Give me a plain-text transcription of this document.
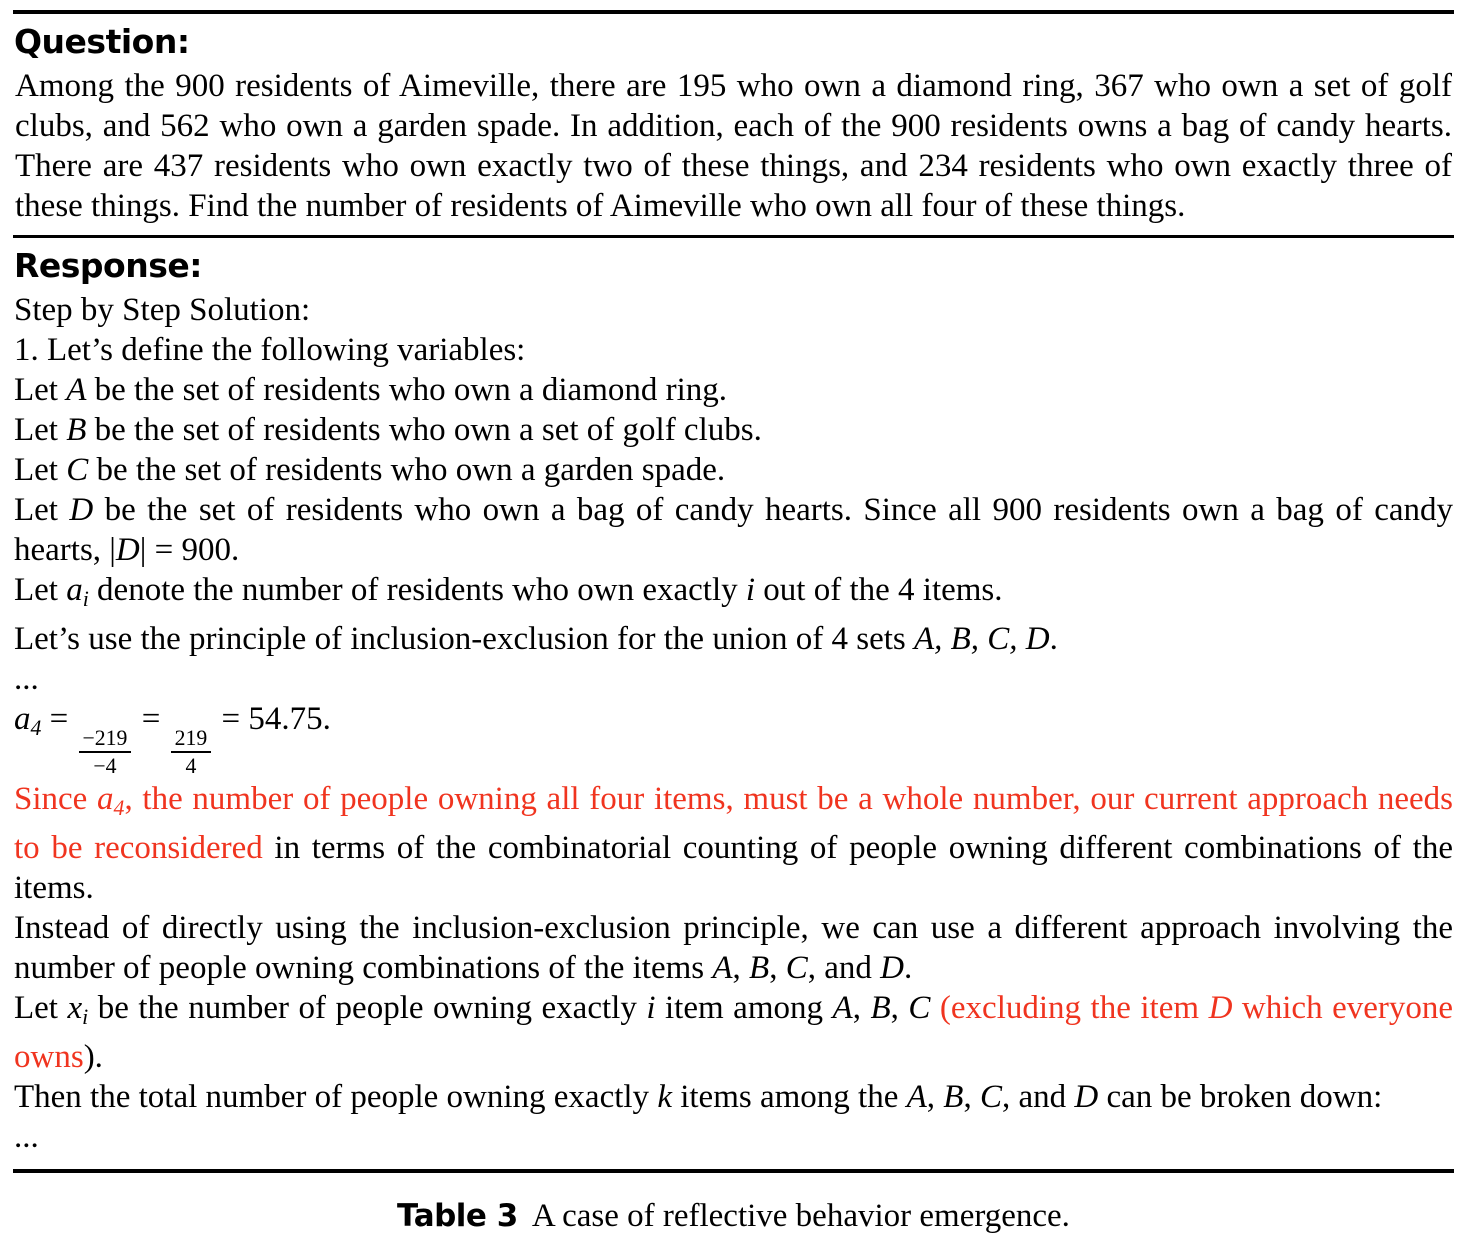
Question:
Among the 900 residents of Aimeville, there are 195 who own a diamond ring, 367 who own a set of golf clubs, and 562 who own a garden spade. In addition, each of the 900 residents owns a bag of candy hearts. There are 437 residents who own exactly two of these things, and 234 residents who own exactly three of these things. Find the number of residents of Aimeville who own all four of these things.
Response:
Step by Step Solution:
1. Let’s define the following variables:
Let A be the set of residents who own a diamond ring.
Let B be the set of residents who own a set of golf clubs.
Let C be the set of residents who own a garden spade.
Let D be the set of residents who own a bag of candy hearts. Since all 900 residents own a bag of candy hearts, |D| = 900.
Let ai denote the number of residents who own exactly i out of the 4 items.
Let’s use the principle of inclusion-exclusion for the union of 4 sets A, B, C, D.
...
a4 =
$\frac{-219}{-4}$
=
$\frac{219}{4}$
= 54.75.
Since a4, the number of people owning all four items, must be a whole number, our current approach needs to be reconsidered in terms of the combinatorial counting of people owning different combinations of the items.
Instead of directly using the inclusion-exclusion principle, we can use a different approach involving the number of people owning combinations of the items A, B, C, and D.
Let xi be the number of people owning exactly i item among A, B, C (excluding the item D which everyone owns).
Then the total number of people owning exactly k items among the A, B, C, and D can be broken down:
...
Table 3 A case of reflective behavior emergence.
